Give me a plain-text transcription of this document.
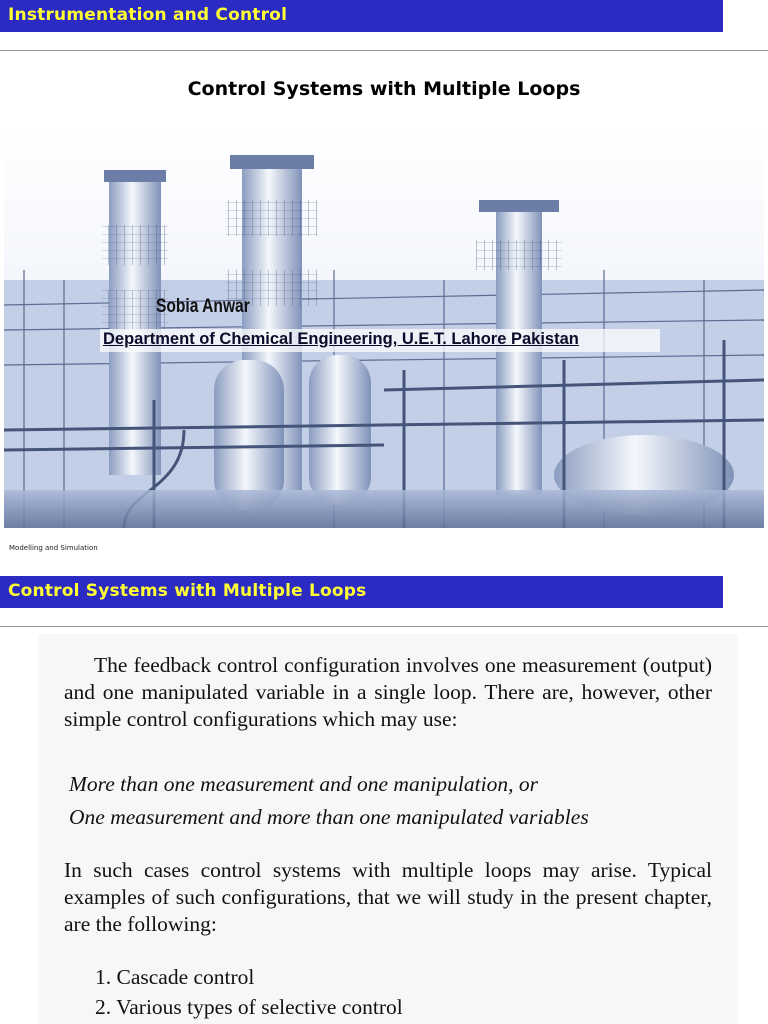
Instrumentation and Control
Control Systems with Multiple Loops
Sobia Anwar
Department of Chemical Engineering, U.E.T. Lahore Pakistan
Modelling and Simulation
Control Systems with Multiple Loops

The feedback control configuration involves one measurement (output) and one manipulated variable in a single loop. There are, however, other simple control configurations which may use:

More than one measurement and one manipulation, or
One measurement and more than one manipulated variables

In such cases control systems with multiple loops may arise. Typical examples of such configurations, that we will study in the present chapter, are the following:

1. Cascade control
2. Various types of selective control
